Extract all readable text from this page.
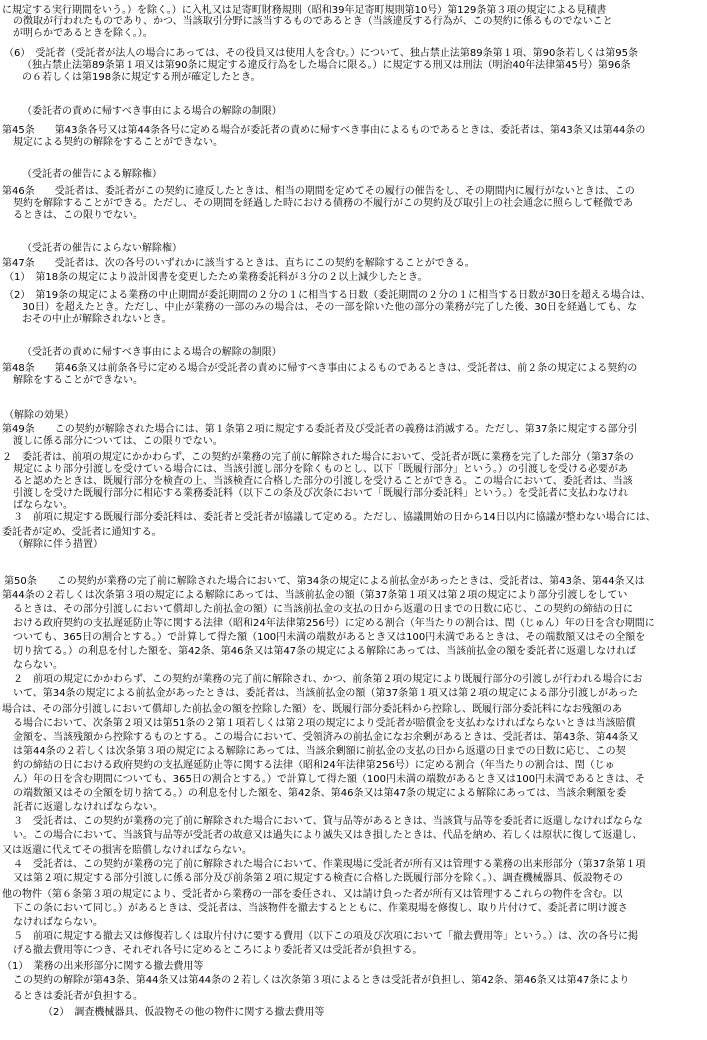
に規定する実行期間をいう。）を除く。）に入札又は足寄町財務規則（昭和39年足寄町規則第10号）第129条第３項の規定による見積書
の徴取が行われたものであり、かつ、当該取引分野に該当するものであるとき（当該違反する行為が、この契約に係るものでないこと
が明らかであるときを除く。）。
（6）　受託者（受託者が法人の場合にあっては、その役員又は使用人を含む。）について、独占禁止法第89条第１項、第90条若しくは第95条
（独占禁止法第89条第１項又は第90条に規定する違反行為をした場合に限る。）に規定する刑又は刑法（明治40年法律第45号）第96条
の６若しくは第198条に規定する刑が確定したとき。
（委託者の責めに帰すべき事由による場合の解除の制限）
第45条　　第43条各号又は第44条各号に定める場合が委託者の責めに帰すべき事由によるものであるときは、委託者は、第43条又は第44条の
規定による契約の解除をすることができない。
（受託者の催告による解除権）
第46条　　受託者は、委託者がこの契約に違反したときは、相当の期間を定めてその履行の催告をし、その期間内に履行がないときは、この
契約を解除することができる。ただし、その期間を経過した時における債務の不履行がこの契約及び取引上の社会通念に照らして軽微であ
るときは、この限りでない。
（受託者の催告によらない解除権）
第47条　　受託者は、次の各号のいずれかに該当するときは、直ちにこの契約を解除することができる。
（1）　第18条の規定により設計図書を変更したため業務委託料が３分の２以上減少したとき。
（2）　第19条の規定による業務の中止期間が委託期間の２分の１に相当する日数（委託期間の２分の１に相当する日数が30日を超える場合は、
30日）を超えたとき。ただし、中止が業務の一部のみの場合は、その一部を除いた他の部分の業務が完了した後、30日を経過しても、な
おその中止が解除されないとき。
（受託者の責めに帰すべき事由による場合の解除の制限）
第48条　　第46条又は前条各号に定める場合が受託者の責めに帰すべき事由によるものであるときは、受託者は、前２条の規定による契約の
解除をすることができない。
（解除の効果）
第49条　　この契約が解除された場合には、第１条第２項に規定する委託者及び受託者の義務は消滅する。ただし、第37条に規定する部分引
渡しに係る部分については、この限りでない。
２　委託者は、前項の規定にかかわらず、この契約が業務の完了前に解除された場合において、受託者が既に業務を完了した部分（第37条の
規定により部分引渡しを受けている場合には、当該引渡し部分を除くものとし、以下「既履行部分」という。）の引渡しを受ける必要があ
ると認めたときは、既履行部分を検査の上、当該検査に合格した部分の引渡しを受けることができる。この場合において、委託者は、当該
引渡しを受けた既履行部分に相応する業務委託料（以下この条及び次条において「既履行部分委託料」という。）を受託者に支払わなけれ
ばならない。
３　前項に規定する既履行部分委託料は、委託者と受託者が協議して定める。ただし、協議開始の日から14日以内に協議が整わない場合には、
委託者が定め、受託者に通知する。
（解除に伴う措置）
第50条　　この契約が業務の完了前に解除された場合において、第34条の規定による前払金があったときは、受託者は、第43条、第44条又は
第44条の２若しくは次条第３項の規定による解除にあっては、当該前払金の額（第37条第１項又は第２項の規定により部分引渡しをしてい
るときは、その部分引渡しにおいて償却した前払金の額）に当該前払金の支払の日から返還の日までの日数に応じ、この契約の締結の日に
おける政府契約の支払遅延防止等に関する法律（昭和24年法律第256号）に定める割合（年当たりの割合は、閏（じゅん）年の日を含む期間に
ついても、365日の割合とする。）で計算して得た額（100円未満の端数があるとき又は100円未満であるときは、その端数額又はその全額を
切り捨てる。）の利息を付した額を、第42条、第46条又は第47条の規定による解除にあっては、当該前払金の額を委託者に返還しなければ
ならない。
２　前項の規定にかかわらず、この契約が業務の完了前に解除され、かつ、前条第２項の規定により既履行部分の引渡しが行われる場合にお
いて、第34条の規定による前払金があったときは、委託者は、当該前払金の額（第37条第１項又は第２項の規定による部分引渡しがあった
場合は、その部分引渡しにおいて償却した前払金の額を控除した額）を、既履行部分委託料から控除し、既履行部分委託料になお残額のあ
る場合において、次条第２項又は第51条の２第１項若しくは第２項の規定により受託者が賠償金を支払わなければならないときは当該賠償
金額を、当該残額から控除するものとする。この場合において、受領済みの前払金になお余剰があるときは、受託者は、第43条、第44条又
は第44条の２若しくは次条第３項の規定による解除にあっては、当該余剰額に前払金の支払の日から返還の日までの日数に応じ、この契
約の締結の日における政府契約の支払遅延防止等に関する法律（昭和24年法律第256号）に定める割合（年当たりの割合は、閏（じゅ
ん）年の日を含む期間についても、365日の割合とする。）で計算して得た額（100円未満の端数があるとき又は100円未満であるときは、そ
の端数額又はその全額を切り捨てる。）の利息を付した額を、第42条、第46条又は第47条の規定による解除にあっては、当該余剰額を委
託者に返還しなければならない。
３　受託者は、この契約が業務の完了前に解除された場合において、貸与品等があるときは、当該貸与品等を委託者に返還しなければならな
い。この場合において、当該貸与品等が受託者の故意又は過失により滅失又はき損したときは、代品を納め、若しくは原状に復して返還し、
又は返還に代えてその損害を賠償しなければならない。
４　受託者は、この契約が業務の完了前に解除された場合において、作業現場に受託者が所有又は管理する業務の出来形部分（第37条第１項
又は第２項に規定する部分引渡しに係る部分及び前条第２項に規定する検査に合格した既履行部分を除く。）、調査機械器具、仮設物その
他の物件（第６条第３項の規定により、受託者から業務の一部を委任され、又は請け負った者が所有又は管理するこれらの物件を含む。以
下この条において同じ。）があるときは、受託者は、当該物件を撤去するとともに、作業現場を修復し、取り片付けて、委託者に明け渡さ
なければならない。
５　前項に規定する撤去又は修復若しくは取片付けに要する費用（以下この項及び次項において「撤去費用等」という。）は、次の各号に掲
げる撤去費用等につき、それぞれ各号に定めるところにより委託者又は受託者が負担する。
（1）　業務の出来形部分に関する撤去費用等
この契約の解除が第43条、第44条又は第44条の２若しくは次条第３項によるときは受託者が負担し、第42条、第46条又は第47条により
るときは委託者が負担する。
（2）　調査機械器具、仮設物その他の物件に関する撤去費用等
